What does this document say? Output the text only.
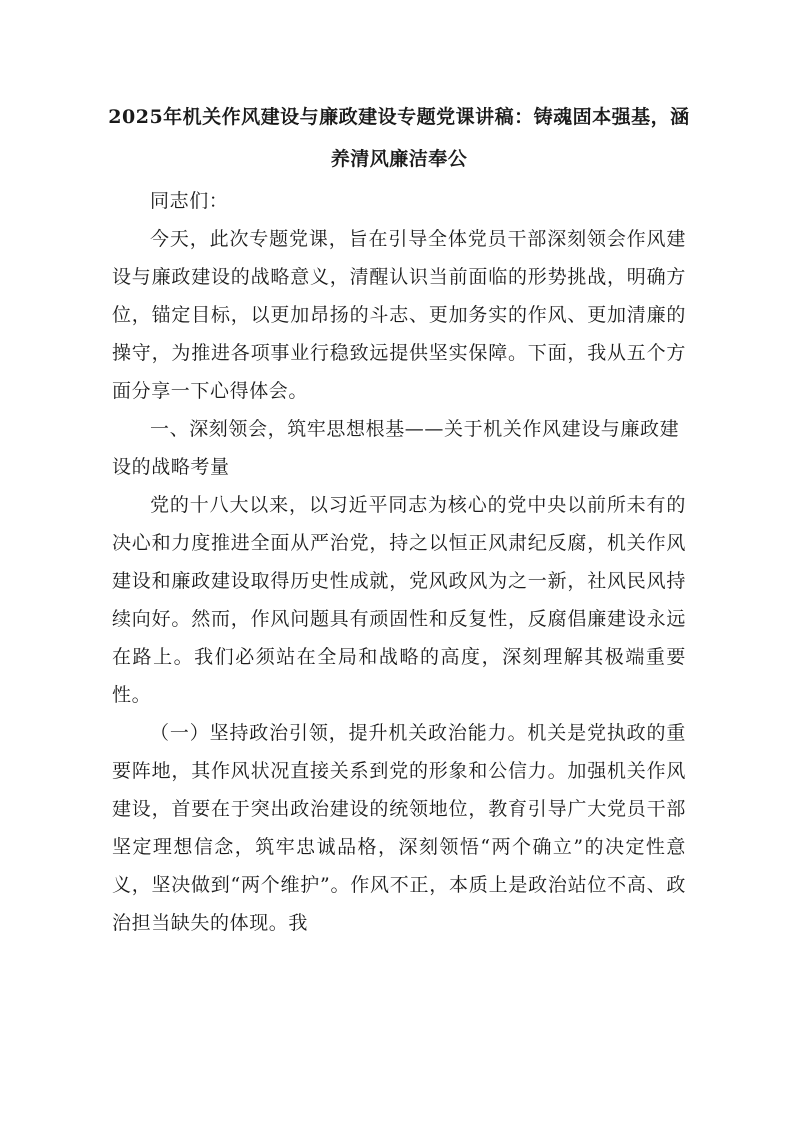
2025年机关作风建设与廉政建设专题党课讲稿：铸魂固本强基，涵养清风廉洁奉公

同志们：

今天，此次专题党课，旨在引导全体党员干部深刻领会作风建设与廉政建设的战略意义，清醒认识当前面临的形势挑战，明确方位，锚定目标，以更加昂扬的斗志、更加务实的作风、更加清廉的操守，为推进各项事业行稳致远提供坚实保障。下面，我从五个方面分享一下心得体会。

一、深刻领会，筑牢思想根基——关于机关作风建设与廉政建设的战略考量

党的十八大以来，以习近平同志为核心的党中央以前所未有的决心和力度推进全面从严治党，持之以恒正风肃纪反腐，机关作风建设和廉政建设取得历史性成就，党风政风为之一新，社风民风持续向好。然而，作风问题具有顽固性和反复性，反腐倡廉建设永远在路上。我们必须站在全局和战略的高度，深刻理解其极端重要性。

（一）坚持政治引领，提升机关政治能力。机关是党执政的重要阵地，其作风状况直接关系到党的形象和公信力。加强机关作风建设，首要在于突出政治建设的统领地位，教育引导广大党员干部坚定理想信念，筑牢忠诚品格，深刻领悟“两个确立”的决定性意义，坚决做到“两个维护”。作风不正，本质上是政治站位不高、政治担当缺失的体现。我
